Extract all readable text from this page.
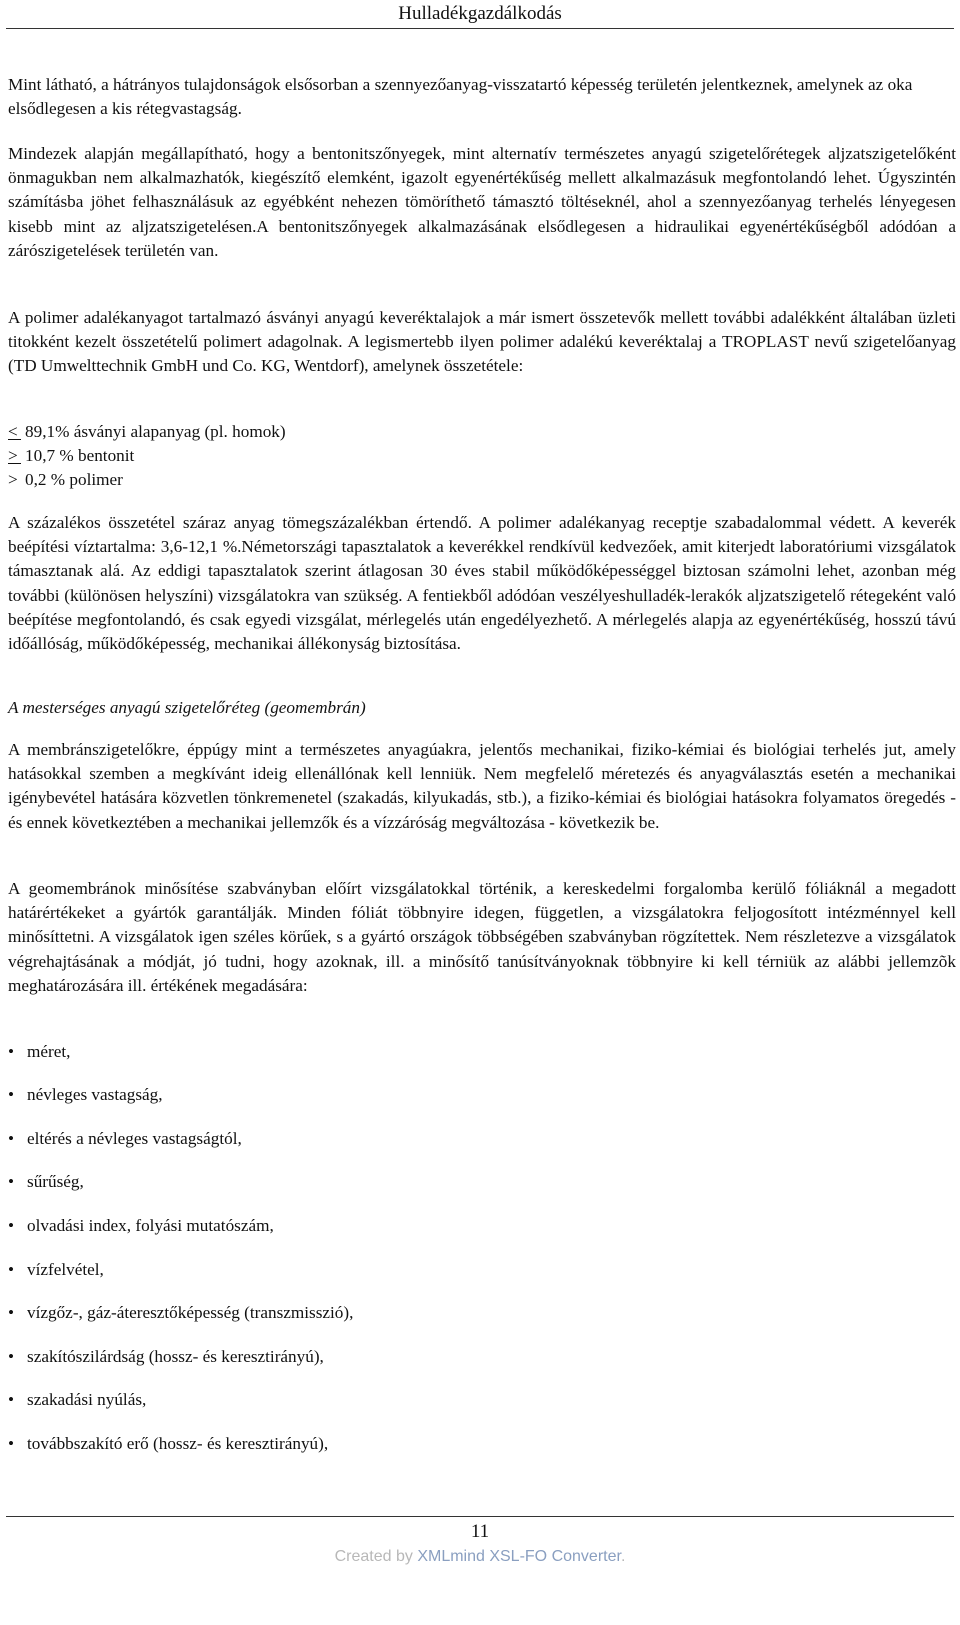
Hulladékgazdálkodás

Mint látható, a hátrányos tulajdonságok elsősorban a szennyezőanyag-visszatartó képesség területén jelentkeznek, amelynek az oka elsődlegesen a kis rétegvastagság.

Mindezek alapján megállapítható, hogy a bentonitszőnyegek, mint alternatív természetes anyagú szigetelőrétegek aljzatszigetelőként önmagukban nem alkalmazhatók, kiegészítő elemként, igazolt egyenértékűség mellett alkalmazásuk megfontolandó lehet. Úgyszintén számításba jöhet felhasználásuk az egyébként nehezen tömöríthető támasztó töltéseknél, ahol a szennyezőanyag terhelés lényegesen kisebb mint az aljzatszigetelésen.A bentonitszőnyegek alkalmazásának elsődlegesen a hidraulikai egyenértékűségből adódóan a zárószigetelések területén van.

A polimer adalékanyagot tartalmazó ásványi anyagú keveréktalajok a már ismert összetevők mellett további adalékként általában üzleti titokként kezelt összetételű polimert adagolnak. A legismertebb ilyen polimer adalékú keveréktalaj a TROPLAST nevű szigetelőanyag (TD Umwelttechnik GmbH und Co. KG, Wentdorf), amelynek összetétele:

< 89,1% ásványi alapanyag (pl. homok)

> 10,7 % bentonit

> 0,2 % polimer

A százalékos összetétel száraz anyag tömegszázalékban értendő. A polimer adalékanyag receptje szabadalommal védett. A keverék beépítési víztartalma: 3,6-12,1 %.Németországi tapasztalatok a keverékkel rendkívül kedvezőek, amit kiterjedt laboratóriumi vizsgálatok támasztanak alá. Az eddigi tapasztalatok szerint átlagosan 30 éves stabil működőképességgel biztosan számolni lehet, azonban még további (különösen helyszíni) vizsgálatokra van szükség. A fentiekből adódóan veszélyeshulladék-lerakók aljzatszigetelő rétegeként való beépítése megfontolandó, és csak egyedi vizsgálat, mérlegelés után engedélyezhető. A mérlegelés alapja az egyenértékűség, hosszú távú időállóság, működőképesség, mechanikai állékonyság biztosítása.

A mesterséges anyagú szigetelőréteg (geomembrán)

A membránszigetelőkre, éppúgy mint a természetes anyagúakra, jelentős mechanikai, fiziko-kémiai és biológiai terhelés jut, amely hatásokkal szemben a megkívánt ideig ellenállónak kell lenniük. Nem megfelelő méretezés és anyagválasztás esetén a mechanikai igénybevétel hatására közvetlen tönkremenetel (szakadás, kilyukadás, stb.), a fiziko-kémiai és biológiai hatásokra folyamatos öregedés - és ennek következtében a mechanikai jellemzők és a vízzáróság megváltozása - következik be.

A geomembránok minősítése szabványban előírt vizsgálatokkal történik, a kereskedelmi forgalomba kerülő fóliáknál a megadott határértékeket a gyártók garantálják. Minden fóliát többnyire idegen, független, a vizsgálatokra feljogosított intézménnyel kell minősíttetni. A vizsgálatok igen széles körűek, s a gyártó országok többségében szabványban rögzítettek. Nem részletezve a vizsgálatok végrehajtásának a módját, jó tudni, hogy azoknak, ill. a minősítő tanúsítványoknak többnyire ki kell térniük az alábbi jellemzõk meghatározására ill. értékének megadására:

• méret,

• névleges vastagság,

• eltérés a névleges vastagságtól,

• sűrűség,

• olvadási index, folyási mutatószám,

• vízfelvétel,

• vízgőz-, gáz-áteresztőképesség (transzmisszió),

• szakítószilárdság (hossz- és keresztirányú),

• szakadási nyúlás,

• továbbszakító erő (hossz- és keresztirányú),

11
Created by XMLmind XSL-FO Converter.
